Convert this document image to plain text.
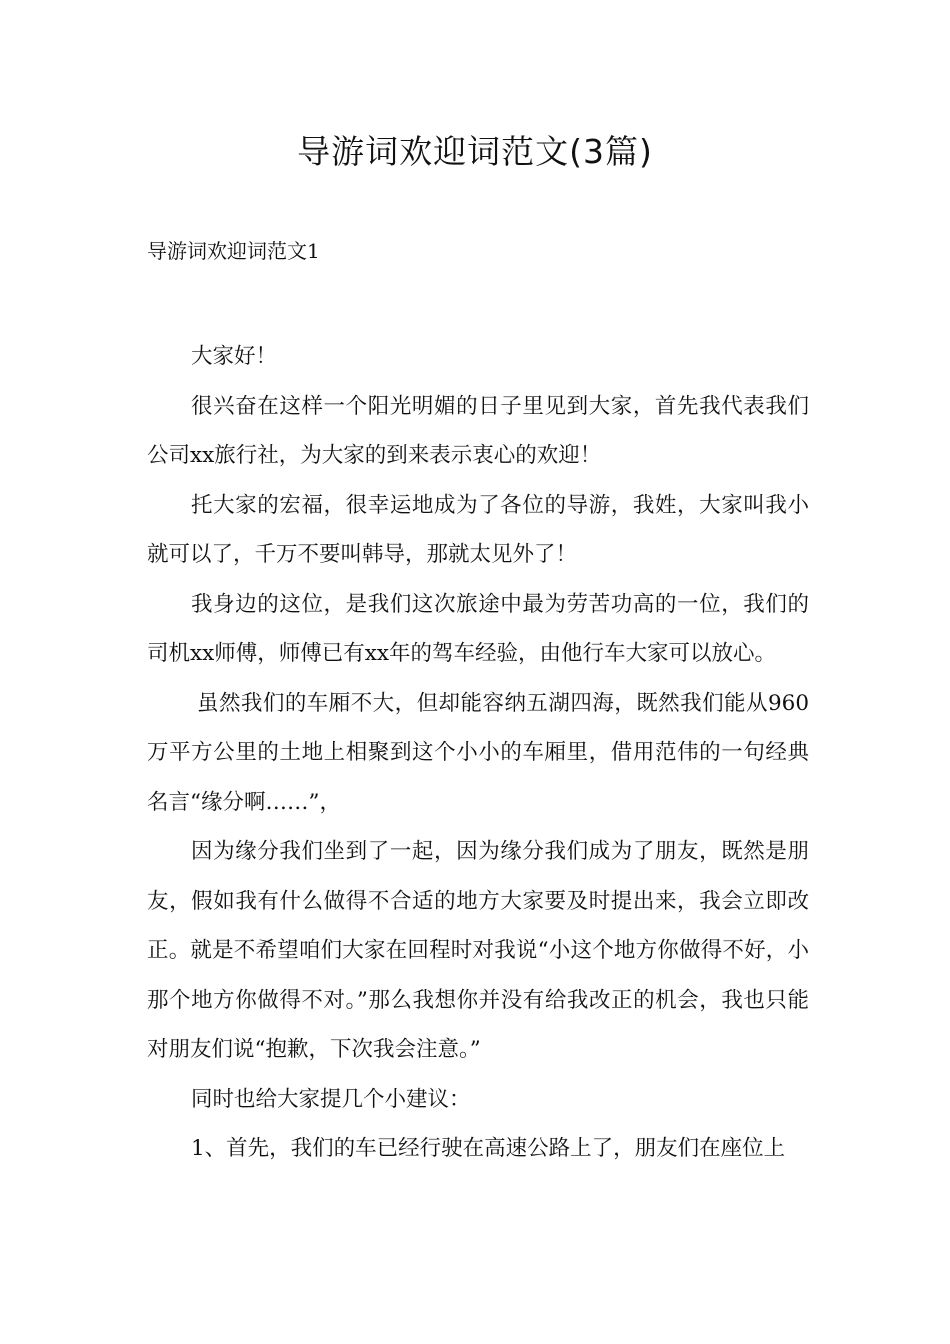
导游词欢迎词范文(3篇)
导游词欢迎词范文1

大家好！

很兴奋在这样一个阳光明媚的日子里见到大家，首先我代表我们公司xx旅行社，为大家的到来表示衷心的欢迎！

托大家的宏福，很幸运地成为了各位的导游，我姓，大家叫我小就可以了，千万不要叫韩导，那就太见外了！

我身边的这位，是我们这次旅途中最为劳苦功高的一位，我们的司机xx师傅，师傅已有xx年的驾车经验，由他行车大家可以放心。

虽然我们的车厢不大，但却能容纳五湖四海，既然我们能从960万平方公里的土地上相聚到这个小小的车厢里，借用范伟的一句经典名言“缘分啊……”，

因为缘分我们坐到了一起，因为缘分我们成为了朋友，既然是朋友，假如我有什么做得不合适的地方大家要及时提出来，我会立即改正。就是不希望咱们大家在回程时对我说“小这个地方你做得不好，小那个地方你做得不对。”那么我想你并没有给我改正的机会，我也只能对朋友们说“抱歉，下次我会注意。”

同时也给大家提几个小建议：

1、首先，我们的车已经行驶在高速公路上了，朋友们在座位上
